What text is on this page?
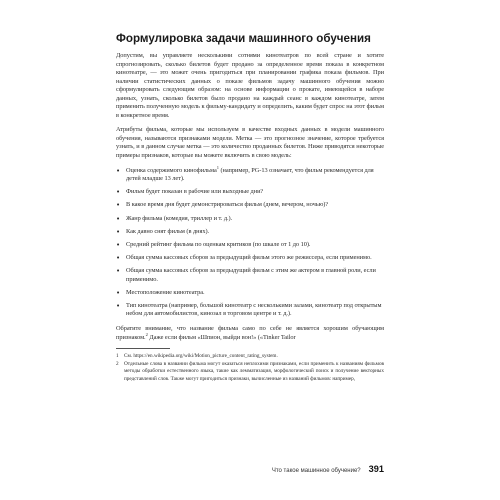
Формулировка задачи машинного обучения

Допустим, вы управляете несколькими сотнями кинотеатров по всей стране и хотите спрогнозировать, сколько билетов будет продано за определенное время показа в конкретном кинотеатре, — это может очень пригодиться при планировании графика показа фильмов. При наличии статистических данных о показе фильмов задачу машинного обучения можно сформулировать следующим образом: на основе информации о прокате, имеющейся в наборе данных, узнать, сколько билетов было продано на каждый сеанс в каждом кинотеатре, затем применить полученную модель к фильму-кандидату и определить, каким будет спрос на этот фильм в конкретное время.

Атрибуты фильма, которые мы используем в качестве входных данных в модели машинного обучения, называются признаками модели. Метка — это прогнозное значение, которое требуется узнать, и в данном случае метка — это количество проданных билетов. Ниже приводятся некоторые примеры признаков, которые вы можете включить в свою модель:

• Оценка содержимого кинофильма$^1$ (например, PG-13 означает, что фильм рекомендуется для детей младше 13 лет).
• Фильм будет показан в рабочие или выходные дни?
• В какое время дня будет демонстрироваться фильм (днем, вечером, ночью)?
• Жанр фильма (комедия, триллер и т. д.).
• Как давно снят фильм (в днях).
• Средний рейтинг фильма по оценкам критиков (по шкале от 1 до 10).
• Общая сумма кассовых сборов за предыдущий фильм этого же режиссера, если применимо.
• Общая сумма кассовых сборов за предыдущий фильм с этим же актером в главной роли, если применимо.
• Местоположение кинотеатра.
• Тип кинотеатра (например, большой кинотеатр с несколькими залами, кинотеатр под открытым небом для автомобилистов, кинозал в торговом центре и т. д.).

Обратите внимание, что название фильма само по себе не является хорошим обучающим признаком.$^2$ Даже если фильм «Шпион, выйди вон!» («Tinker Tailor

1	См. https://en.wikipedia.org/wiki/Motion_picture_content_rating_system.
2	Отдельные слова в названии фильма могут оказаться неплохими признаками, если применить к названиям фильмов методы обработки естественного языка, такие как лемматизация, морфологический поиск и получение векторных представлений слов. Также могут пригодиться признаки, вычисленные из названий фильмов: например,
Что такое машинное обучение? 391
